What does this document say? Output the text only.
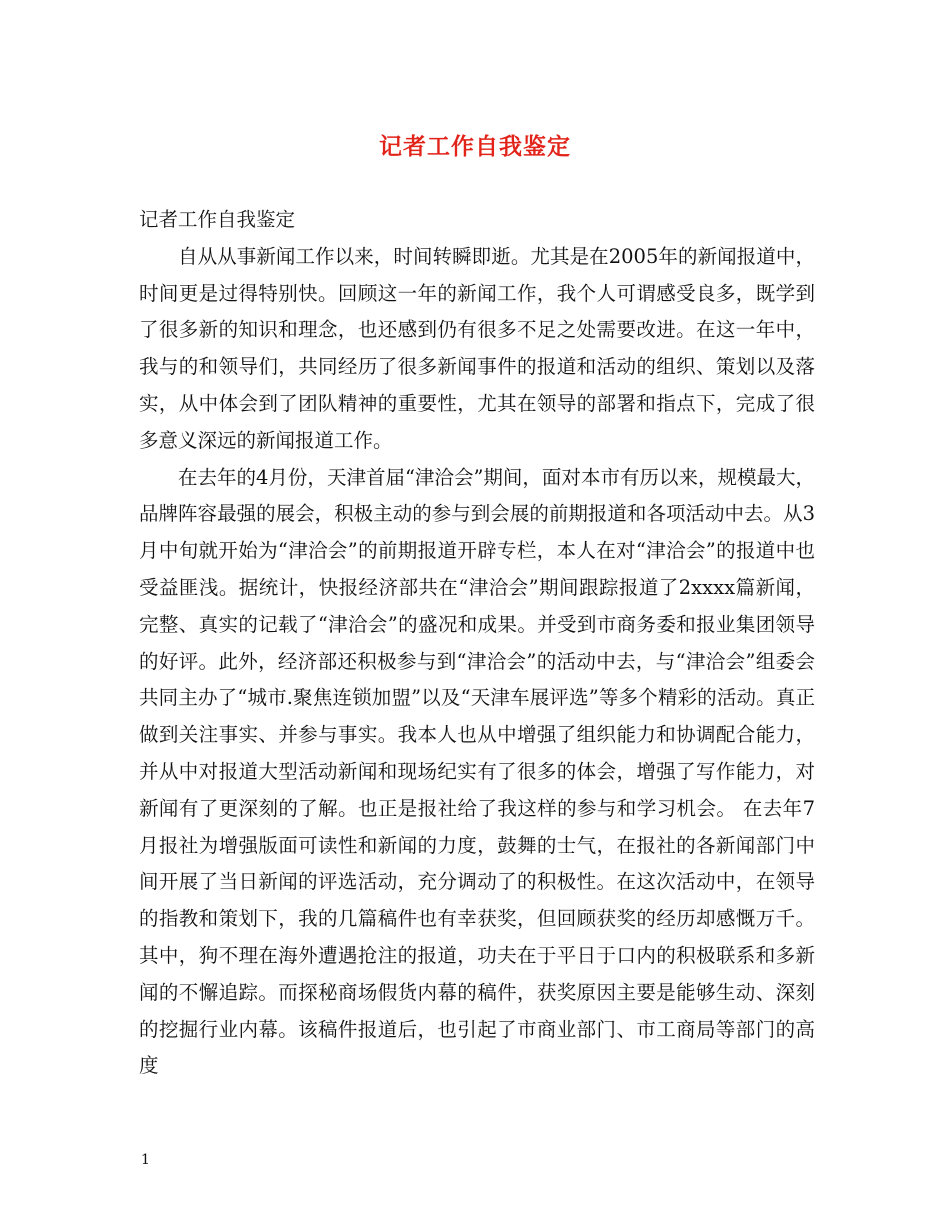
记者工作自我鉴定
记者工作自我鉴定

自从从事新闻工作以来，时间转瞬即逝。尤其是在2005年的新闻报道中，时间更是过得特别快。回顾这一年的新闻工作，我个人可谓感受良多，既学到了很多新的知识和理念，也还感到仍有很多不足之处需要改进。在这一年中，我与的和领导们，共同经历了很多新闻事件的报道和活动的组织、策划以及落实，从中体会到了团队精神的重要性，尤其在领导的部署和指点下，完成了很多意义深远的新闻报道工作。

在去年的4月份，天津首届“津洽会”期间，面对本市有历以来，规模最大，品牌阵容最强的展会，积极主动的参与到会展的前期报道和各项活动中去。从3月中旬就开始为“津洽会”的前期报道开辟专栏，本人在对“津洽会”的报道中也受益匪浅。据统计，快报经济部共在“津洽会”期间跟踪报道了2xxxx篇新闻，完整、真实的记载了“津洽会”的盛况和成果。并受到市商务委和报业集团领导的好评。此外，经济部还积极参与到“津洽会”的活动中去，与“津洽会”组委会共同主办了“城市.聚焦连锁加盟”以及“天津车展评选”等多个精彩的活动。真正做到关注事实、并参与事实。我本人也从中增强了组织能力和协调配合能力，并从中对报道大型活动新闻和现场纪实有了很多的体会，增强了写作能力，对新闻有了更深刻的了解。也正是报社给了我这样的参与和学习机会。 在去年7月报社为增强版面可读性和新闻的力度，鼓舞的士气，在报社的各新闻部门中间开展了当日新闻的评选活动，充分调动了的积极性。在这次活动中，在领导的指教和策划下，我的几篇稿件也有幸获奖，但回顾获奖的经历却感慨万千。其中，狗不理在海外遭遇抢注的报道，功夫在于平日于口内的积极联系和多新闻的不懈追踪。而探秘商场假货内幕的稿件，获奖原因主要是能够生动、深刻的挖掘行业内幕。该稿件报道后，也引起了市商业部门、市工商局等部门的高度

1
